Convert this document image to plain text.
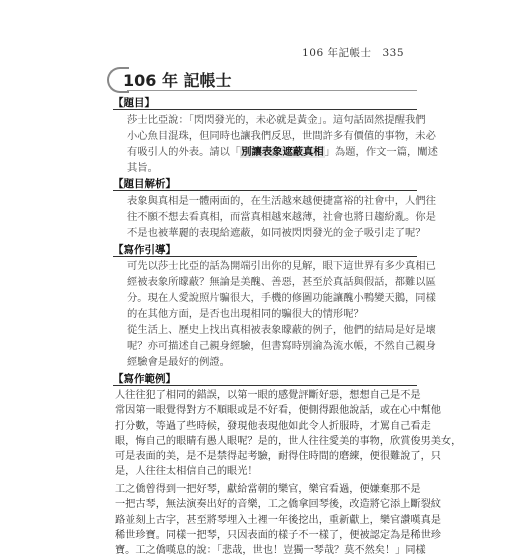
106 年記帳士　335
106 年 記帳士
【題目】
莎士比亞說：「閃閃發光的，未必就是黃金」。這句話固然提醒我們
小心魚目混珠，但同時也讓我們反思，世間許多有價值的事物，未必
有吸引人的外表。請以「別讓表象遮蔽真相」為題，作文一篇，闡述
其旨。
【題目解析】
表象與真相是一體兩面的，在生活越來越便捷富裕的社會中，人們往
往不願不想去看真相，而當真相越來越薄，社會也將日趨紛亂。你是
不是也被華麗的表現給遮蔽，如同被閃閃發光的金子吸引走了呢？
【寫作引導】
可先以莎士比亞的話為開端引出你的見解，眼下這世界有多少真相已
經被表象所矇蔽？無論是美醜、善惡，甚至於真話與假話，都難以區
分。現在人愛說照片騙很大，手機的修圖功能讓醜小鴨變天鵝，同樣
的在其他方面，是否也出現相同的騙很大的情形呢？
從生活上、歷史上找出真相被表象矇蔽的例子，他們的結局是好是壞
呢？亦可描述自己親身經驗，但書寫時別淪為流水帳，不然自己親身
經驗會是最好的例證。
【寫作範例】
人往往犯了相同的錯誤，以第一眼的感覺評斷好惡，想想自己是不是
常因第一眼覺得對方不順眼或是不好看，便側得跟他說話，或在心中幫他
打分數，等過了些時候，發現他表現他如此令人折服時，才罵自己看走
眼，悔自己的眼睛有愚人眼呢？是的，世人往往愛美的事物，欣賞俊男美女，
可是表面的美，是不是禁得起考驗，耐得住時間的磨練，便很難說了，只
是，人往往太相信自己的眼光！
工之僑曾得到一把好琴，獻給當朝的樂官，樂官看過，便嫌棄那不是
一把古琴，無法演奏出好的音樂，工之僑拿回琴後，改造將它添上斷裂紋
路並刻上古字，甚至將琴埋入土裡一年後挖出，重新獻上，樂官讚嘆真是
稀世珍寶。同樣一把琴，只因表面的樣子不一樣了，便被認定為是稀世珍
寶。工之僑嘆息的說：「悲哉，世也！豈獨一琴哉？莫不然矣！」同樣
